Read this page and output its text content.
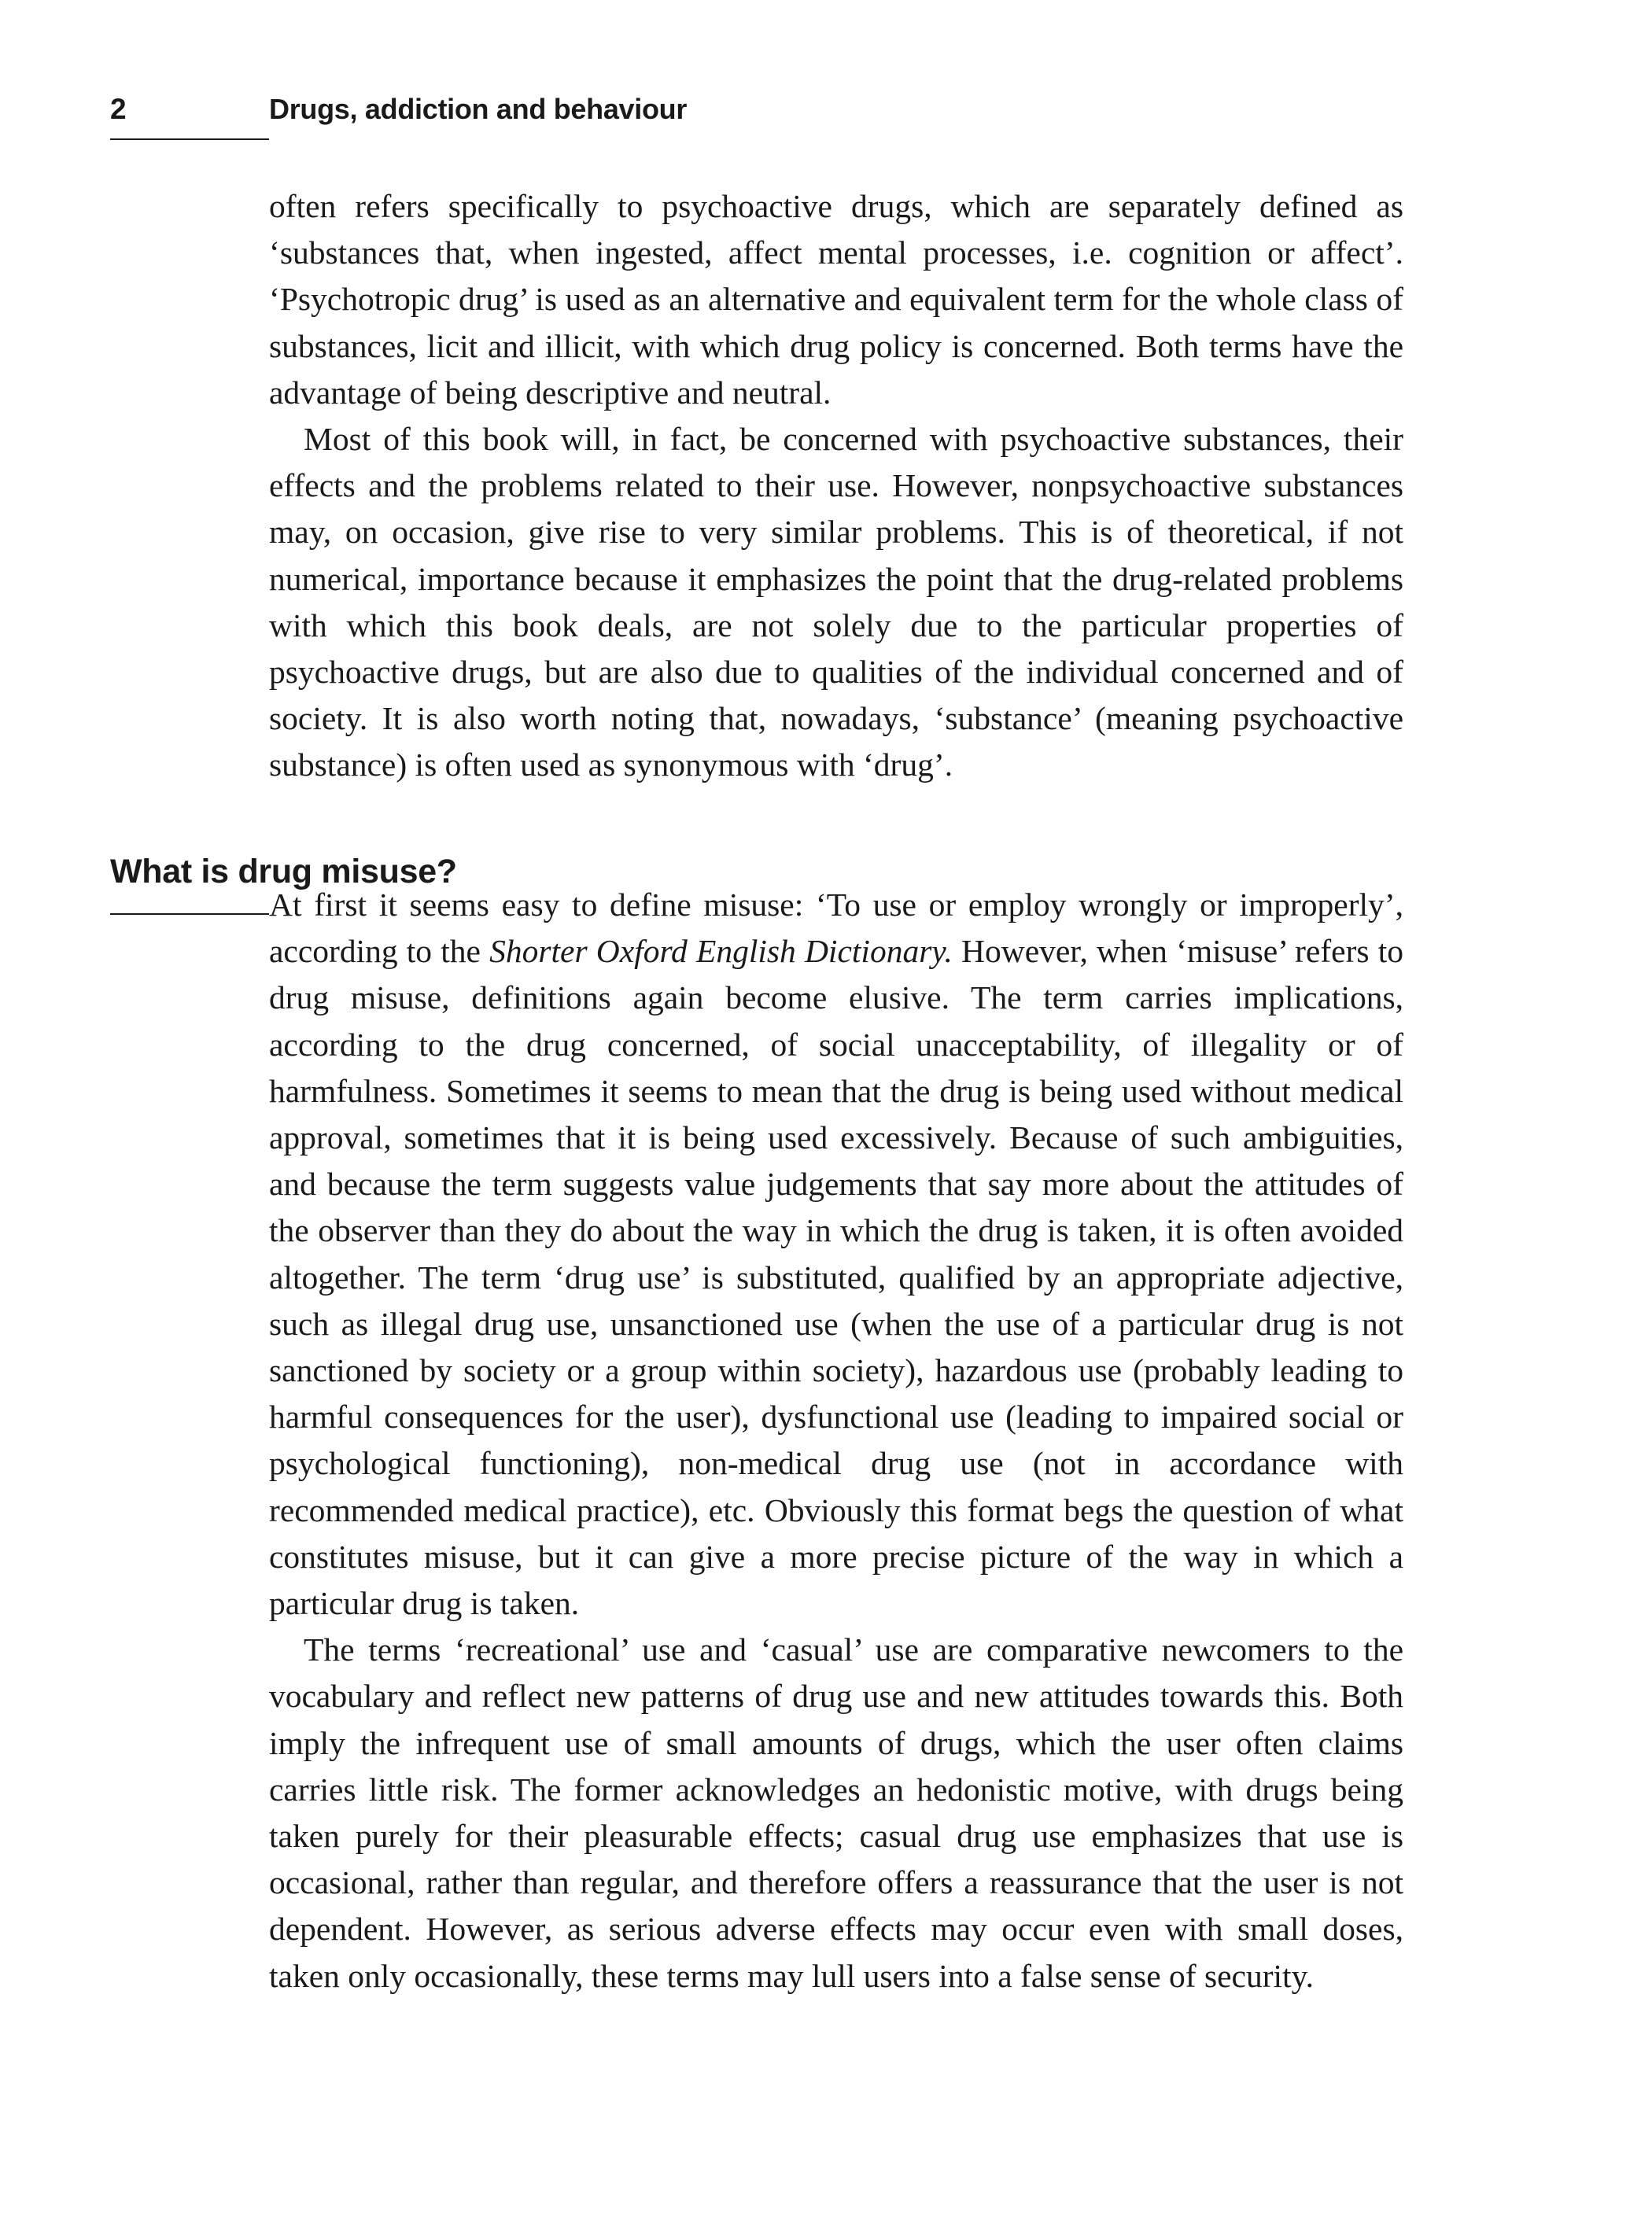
2	Drugs, addiction and behaviour

often refers specifically to psychoactive drugs, which are separately defined as ‘substances that, when ingested, affect mental processes, i.e. cognition or affect’. ‘Psychotropic drug’ is used as an alternative and equivalent term for the whole class of substances, licit and illicit, with which drug policy is concerned. Both terms have the advantage of being descriptive and neutral.

Most of this book will, in fact, be concerned with psychoactive substances, their effects and the problems related to their use. However, nonpsychoactive substances may, on occasion, give rise to very similar problems. This is of theoretical, if not numerical, importance because it emphasizes the point that the drug-related problems with which this book deals, are not solely due to the particular properties of psychoactive drugs, but are also due to qualities of the individual concerned and of society. It is also worth noting that, nowadays, ‘substance’ (meaning psychoactive substance) is often used as synonymous with ‘drug’.

What is drug misuse?

At first it seems easy to define misuse: ‘To use or employ wrongly or improperly’, according to the Shorter Oxford English Dictionary. However, when ‘misuse’ refers to drug misuse, definitions again become elusive. The term carries implications, according to the drug concerned, of social unacceptability, of illegality or of harmfulness. Sometimes it seems to mean that the drug is being used without medical approval, sometimes that it is being used excessively. Because of such ambiguities, and because the term suggests value judgements that say more about the attitudes of the observer than they do about the way in which the drug is taken, it is often avoided altogether. The term ‘drug use’ is substituted, qualified by an appropriate adjective, such as illegal drug use, unsanctioned use (when the use of a particular drug is not sanctioned by society or a group within society), hazardous use (probably leading to harmful consequences for the user), dysfunctional use (leading to impaired social or psychological functioning), non-medical drug use (not in accordance with recommended medical practice), etc. Obviously this format begs the question of what constitutes misuse, but it can give a more precise picture of the way in which a particular drug is taken.

The terms ‘recreational’ use and ‘casual’ use are comparative newcomers to the vocabulary and reflect new patterns of drug use and new attitudes towards this. Both imply the infrequent use of small amounts of drugs, which the user often claims carries little risk. The former acknowledges an hedonistic motive, with drugs being taken purely for their pleasurable effects; casual drug use emphasizes that use is occasional, rather than regular, and therefore offers a reassurance that the user is not dependent. However, as serious adverse effects may occur even with small doses, taken only occasionally, these terms may lull users into a false sense of security.
